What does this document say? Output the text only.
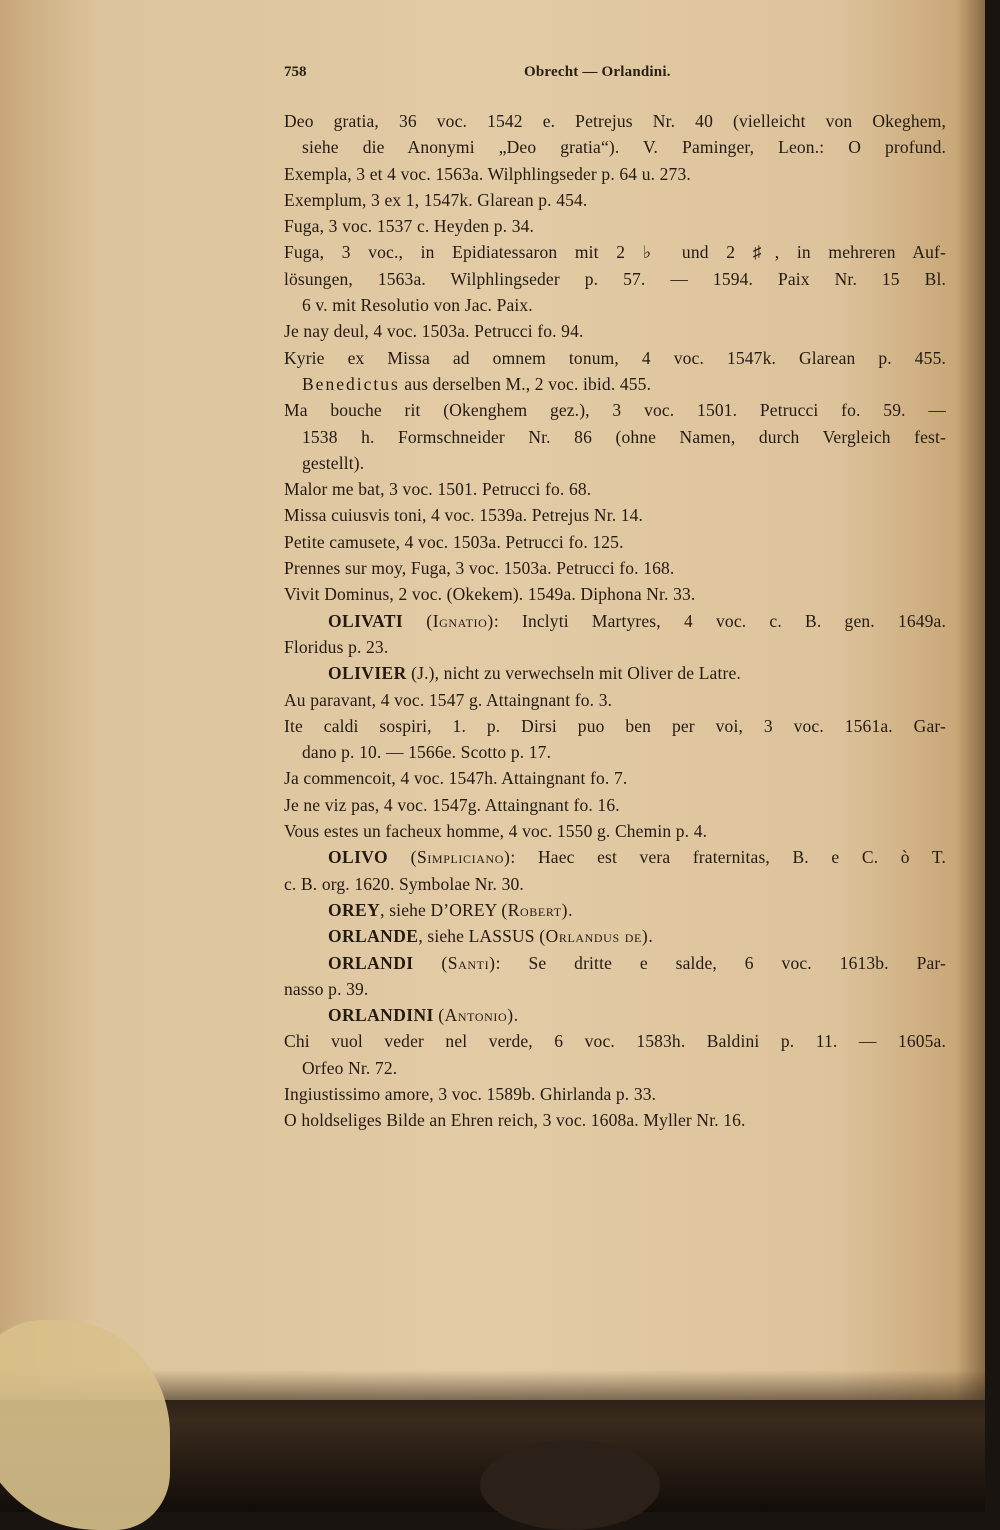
758	Obrecht — Orlandini.
Deo gratia, 36 voc. 1542 e. Petrejus Nr. 40 (vielleicht von Okeghem,
siehe die Anonymi „Deo gratia“). V. Paminger, Leon.: O profund.
Exempla, 3 et 4 voc. 1563a. Wilphlingseder p. 64 u. 273.
Exemplum, 3 ex 1, 1547k. Glarean p. 454.
Fuga, 3 voc. 1537 c. Heyden p. 34.
Fuga, 3 voc., in Epidiatessaron mit 2 ♭ und 2 ♯, in mehreren Auf-
lösungen, 1563a. Wilphlingseder p. 57. — 1594. Paix Nr. 15 Bl.
6 v. mit Resolutio von Jac. Paix.
Je nay deul, 4 voc. 1503a. Petrucci fo. 94.
Kyrie ex Missa ad omnem tonum, 4 voc. 1547k. Glarean p. 455.
Benedictus aus derselben M., 2 voc. ibid. 455.
Ma bouche rit (Okenghem gez.), 3 voc. 1501. Petrucci fo. 59. —
1538 h. Formschneider Nr. 86 (ohne Namen, durch Vergleich fest-
gestellt).
Malor me bat, 3 voc. 1501. Petrucci fo. 68.
Missa cuiusvis toni, 4 voc. 1539a. Petrejus Nr. 14.
Petite camusete, 4 voc. 1503a. Petrucci fo. 125.
Prennes sur moy, Fuga, 3 voc. 1503a. Petrucci fo. 168.
Vivit Dominus, 2 voc. (Okekem). 1549a. Diphona Nr. 33.
OLIVATI (Ignatio): Inclyti Martyres, 4 voc. c. B. gen. 1649a.
Floridus p. 23.
OLIVIER (J.), nicht zu verwechseln mit Oliver de Latre.
Au paravant, 4 voc. 1547 g. Attaingnant fo. 3.
Ite caldi sospiri, 1. p. Dirsi puo ben per voi, 3 voc. 1561a. Gar-
dano p. 10. — 1566e. Scotto p. 17.
Ja commencoit, 4 voc. 1547h. Attaingnant fo. 7.
Je ne viz pas, 4 voc. 1547g. Attaingnant fo. 16.
Vous estes un facheux homme, 4 voc. 1550 g. Chemin p. 4.
OLIVO (Simpliciano): Haec est vera fraternitas, B. e C. ò T.
c. B. org. 1620. Symbolae Nr. 30.
OREY, siehe D’OREY (Robert).
ORLANDE, siehe LASSUS (Orlandus de).
ORLANDI (Santi): Se dritte e salde, 6 voc. 1613b. Par-
nasso p. 39.
ORLANDINI (Antonio).
Chi vuol veder nel verde, 6 voc. 1583h. Baldini p. 11. — 1605a.
Orfeo Nr. 72.
Ingiustissimo amore, 3 voc. 1589b. Ghirlanda p. 33.
O holdseliges Bilde an Ehren reich, 3 voc. 1608a. Myller Nr. 16.
